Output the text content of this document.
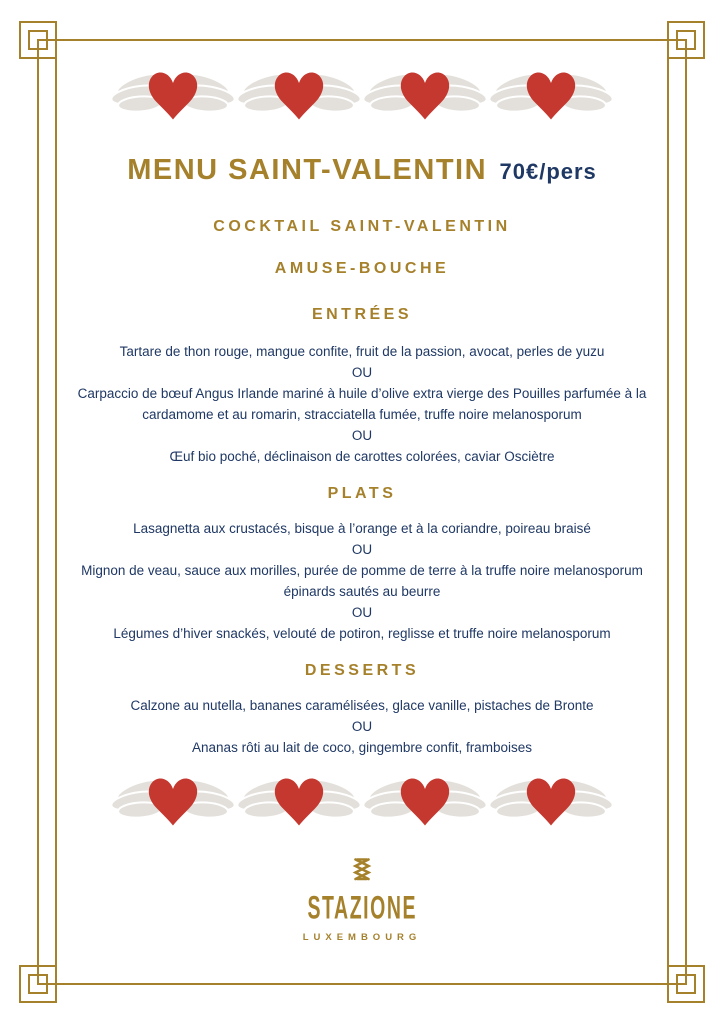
MENU SAINT-VALENTIN 70€/pers
COCKTAIL SAINT-VALENTIN
AMUSE-BOUCHE
ENTRÉES
Tartare de thon rouge, mangue confite, fruit de la passion, avocat, perles de yuzu
OU
Carpaccio de bœuf Angus Irlande mariné à huile d’olive extra vierge des Pouilles parfumée à la
cardamome et au romarin, stracciatella fumée, truffe noire melanosporum
OU
Œuf bio poché, déclinaison de carottes colorées, caviar Osciètre
PLATS
Lasagnetta aux crustacés, bisque à l’orange et à la coriandre, poireau braisé
OU
Mignon de veau, sauce aux morilles, purée de pomme de terre à la truffe noire melanosporum
épinards sautés au beurre
OU
Légumes d’hiver snackés, velouté de potiron, reglisse et truffe noire melanosporum
DESSERTS
Calzone au nutella, bananes caramélisées, glace vanille, pistaches de Bronte
OU
Ananas rôti au lait de coco, gingembre confit, framboises
STAZIONE
LUXEMBOURG
